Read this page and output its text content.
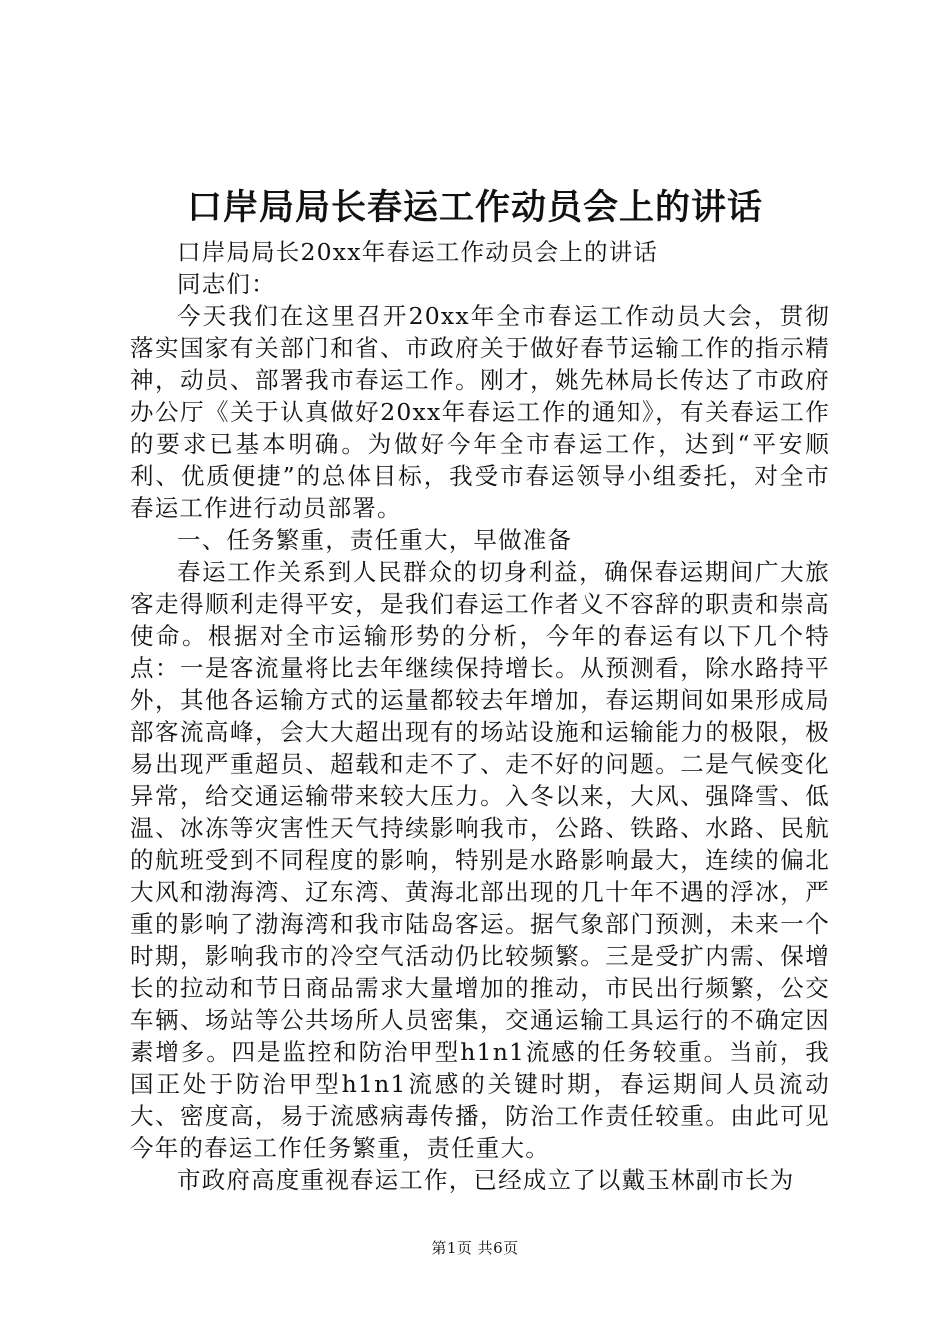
口岸局局长春运工作动员会上的讲话

口岸局局长20xx年春运工作动员会上的讲话

同志们：

今天我们在这里召开20xx年全市春运工作动员大会，贯彻落实国家有关部门和省、市政府关于做好春节运输工作的指示精神，动员、部署我市春运工作。刚才，姚先林局长传达了市政府办公厅《关于认真做好20xx年春运工作的通知》，有关春运工作的要求已基本明确。为做好今年全市春运工作，达到“平安顺利、优质便捷”的总体目标，我受市春运领导小组委托，对全市春运工作进行动员部署。

一、任务繁重，责任重大，早做准备

春运工作关系到人民群众的切身利益，确保春运期间广大旅客走得顺利走得平安，是我们春运工作者义不容辞的职责和崇高使命。根据对全市运输形势的分析，今年的春运有以下几个特点：一是客流量将比去年继续保持增长。从预测看，除水路持平外，其他各运输方式的运量都较去年增加，春运期间如果形成局部客流高峰，会大大超出现有的场站设施和运输能力的极限，极易出现严重超员、超载和走不了、走不好的问题。二是气候变化异常，给交通运输带来较大压力。入冬以来，大风、强降雪、低温、冰冻等灾害性天气持续影响我市，公路、铁路、水路、民航的航班受到不同程度的影响，特别是水路影响最大，连续的偏北大风和渤海湾、辽东湾、黄海北部出现的几十年不遇的浮冰，严重的影响了渤海湾和我市陆岛客运。据气象部门预测，未来一个时期，影响我市的冷空气活动仍比较频繁。三是受扩内需、保增长的拉动和节日商品需求大量增加的推动，市民出行频繁，公交车辆、场站等公共场所人员密集，交通运输工具运行的不确定因素增多。四是监控和防治甲型h1n1流感的任务较重。当前，我国正处于防治甲型h1n1流感的关键时期，春运期间人员流动大、密度高，易于流感病毒传播，防治工作责任较重。由此可见今年的春运工作任务繁重，责任重大。

市政府高度重视春运工作，已经成立了以戴玉林副市长为

第1页 共6页
